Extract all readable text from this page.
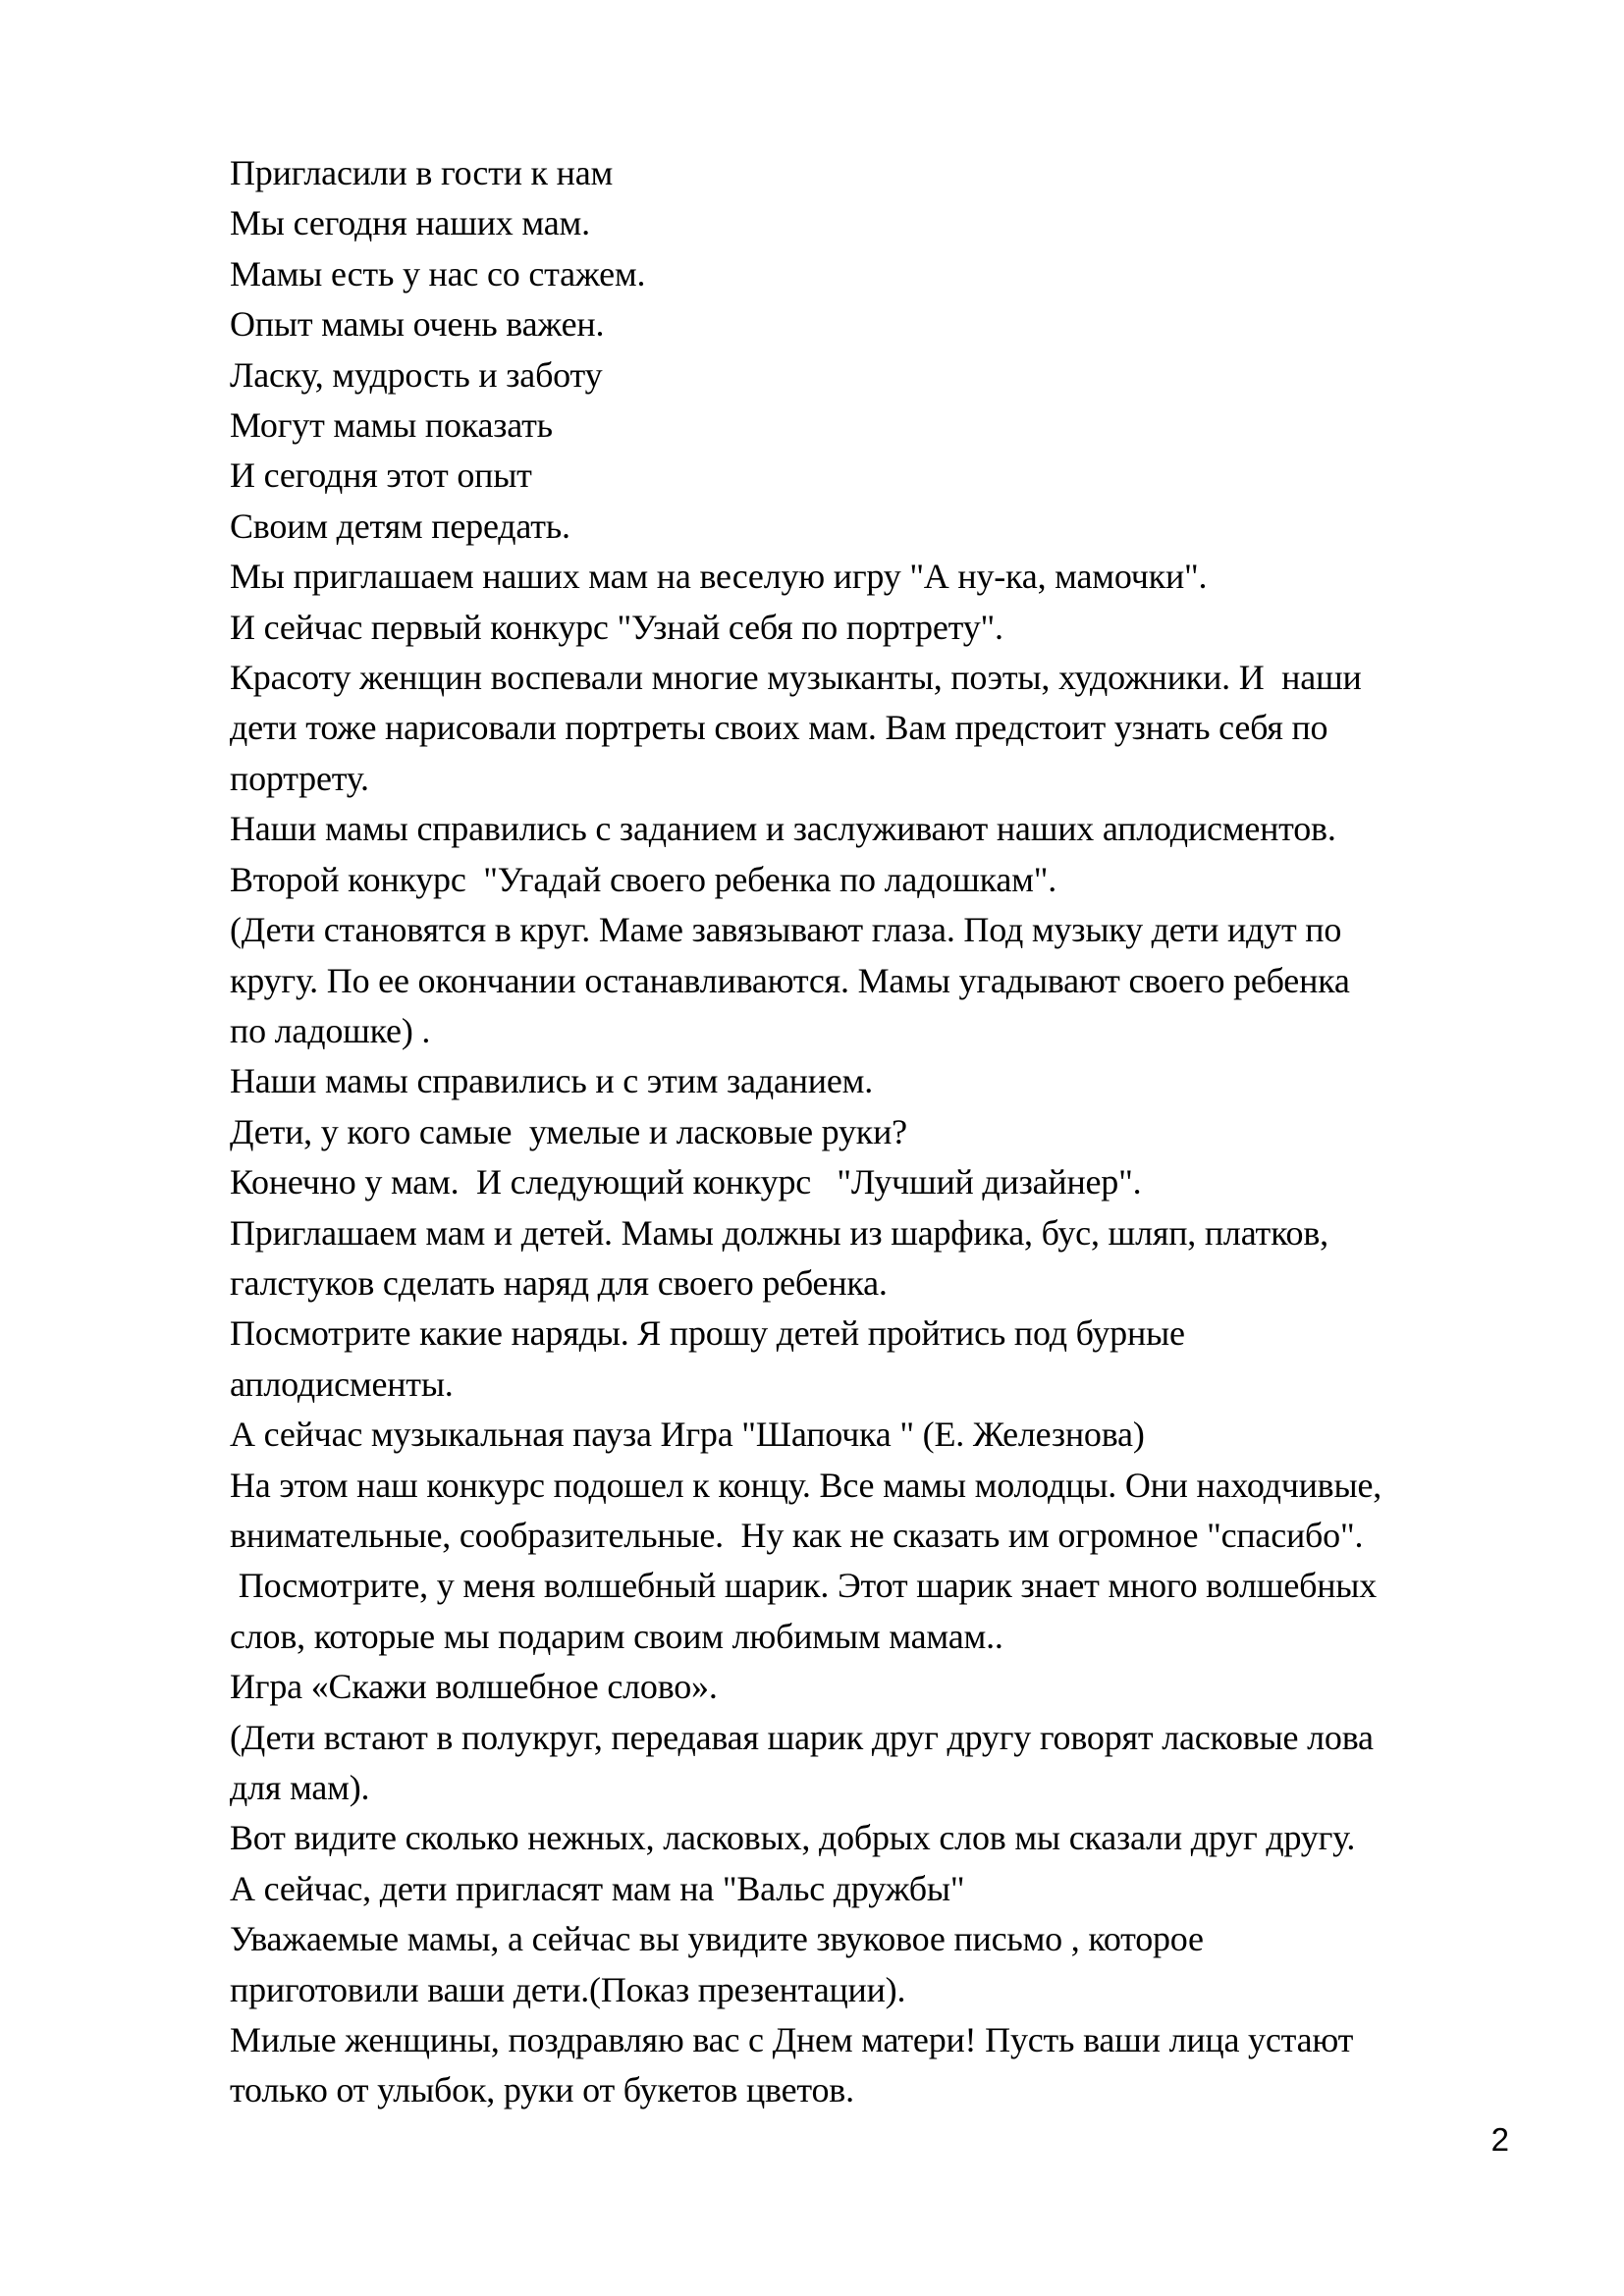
Пригласили в гости к нам
Мы сегодня наших мам.
Мамы есть у нас со стажем.
Опыт мамы очень важен.
Ласку, мудрость и заботу
Могут мамы показать
И сегодня этот опыт
Своим детям передать.
Мы приглашаем наших мам на веселую игру "А ну-ка, мамочки".
И сейчас первый конкурс "Узнай себя по портрету".
Красоту женщин воспевали многие музыканты, поэты, художники. И  наши
дети тоже нарисовали портреты своих мам. Вам предстоит узнать себя по
портрету.
Наши мамы справились с заданием и заслуживают наших аплодисментов.
Второй конкурс  "Угадай своего ребенка по ладошкам".
(Дети становятся в круг. Маме завязывают глаза. Под музыку дети идут по
кругу. По ее окончании останавливаются. Мамы угадывают своего ребенка
по ладошке) .
Наши мамы справились и с этим заданием.
Дети, у кого самые  умелые и ласковые руки?
Конечно у мам.  И следующий конкурс   "Лучший дизайнер".
Приглашаем мам и детей. Мамы должны из шарфика, бус, шляп, платков,
галстуков сделать наряд для своего ребенка.
Посмотрите какие наряды. Я прошу детей пройтись под бурные
аплодисменты.
А сейчас музыкальная пауза Игра "Шапочка " (Е. Железнова)
На этом наш конкурс подошел к концу. Все мамы молодцы. Они находчивые,
внимательные, сообразительные.  Ну как не сказать им огромное "спасибо".
Посмотрите, у меня волшебный шарик. Этот шарик знает много волшебных
слов, которые мы подарим своим любимым мамам..
Игра «Скажи волшебное слово».
(Дети встают в полукруг, передавая шарик друг другу говорят ласковые лова
для мам).
Вот видите сколько нежных, ласковых, добрых слов мы сказали друг другу.
А сейчас, дети пригласят мам на "Вальс дружбы"
Уважаемые мамы, а сейчас вы увидите звуковое письмо , которое
приготовили ваши дети.(Показ презентации).
Милые женщины, поздравляю вас с Днем матери! Пусть ваши лица устают
только от улыбок, руки от букетов цветов.
2
